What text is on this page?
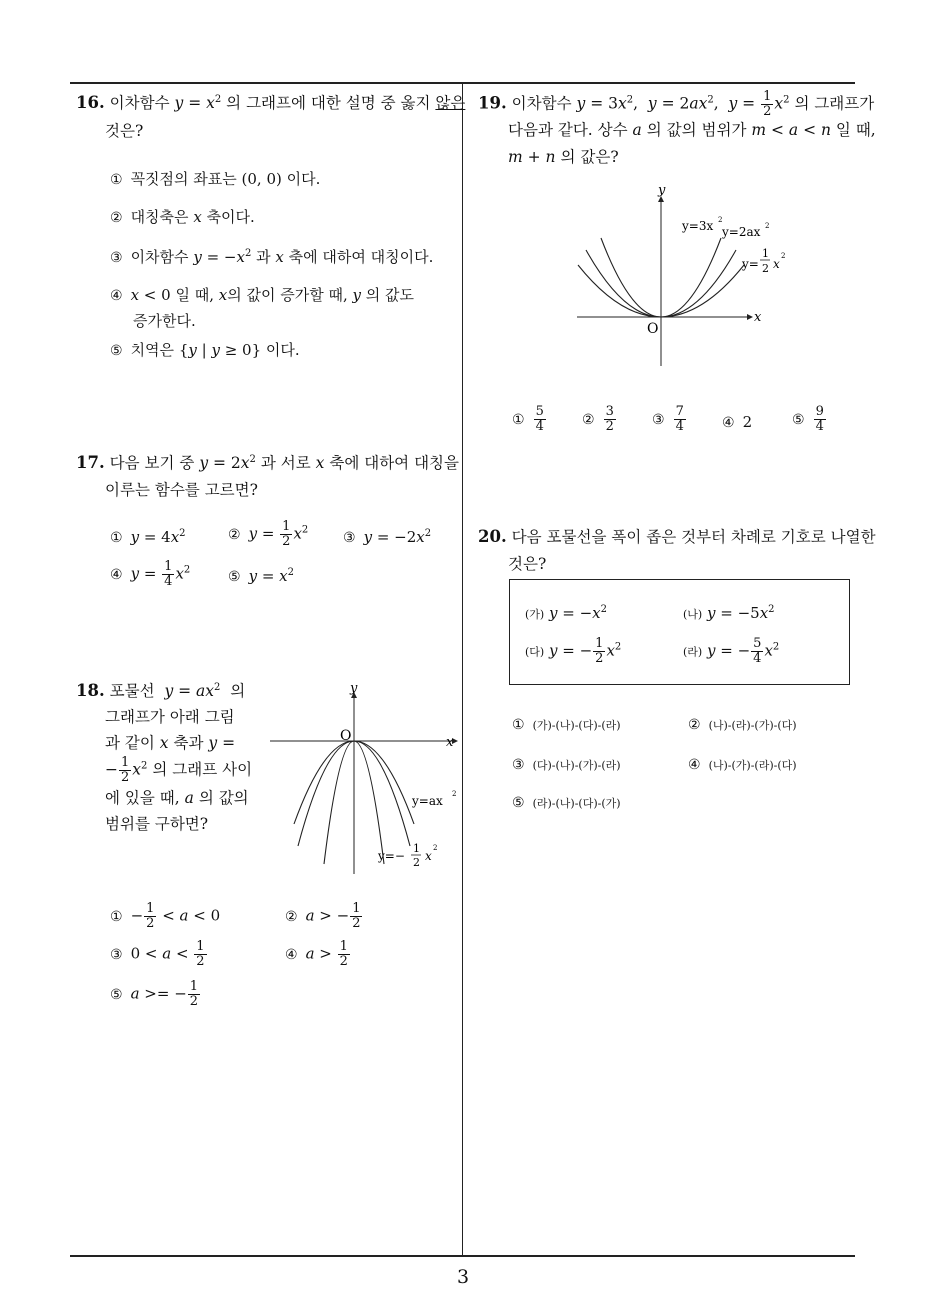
16. 이차함수 $y = x^2$ 의 그래프에 대한 설명 중 옳지 않은
것은?
① 꼭짓점의 좌표는 (0, 0) 이다.
② 대칭축은 x 축이다.
③ 이차함수 $y = -x^2$ 과 x 축에 대하여 대칭이다.
④ x < 0 일 때, x의 값이 증가할 때, y 의 값도
증가한다.
⑤ 치역은 {y | y ≥ 0} 이다.
17. 다음 보기 중 $y = 2x^2$ 과 서로 x 축에 대하여 대칭을
이루는 함수를 고르면?
① $y = 4x^2$	② $y = \frac{1}{2} x^2$ ③ $y = -2x^2$
④ $y = \frac{1}{4} x^2$	⑤ $y = x^2$
18. 포물선 $y = ax^2$ 의
그래프가 아래 그림
과 같이 x 축과 y =
− $\frac{1}{2} x^2$ 의 그래프 사이
에 있을 때, a 의 값의
범위를 구하면?
y
x
O
y=ax 2
y=−
1
2 x
2
① − $\frac{1}{2} < a < 0$	② a > − $\frac{1}{2}$
③ $0 < a < \frac{1}{2}$	④ $a > \frac{1}{2}$
⑤ a >= − $\frac{1}{2}$
19. 이차함수 $y = 3x^2$,  $y = 2ax^2$,  $y = \frac{1}{2} x^2$ 의 그래프가
다음과 같다. 상수 a 의 값의 범위가 m < a < n 일 때,
m + n 의 값은?
y
x
O
y=3x 2
y=2ax 2
y=
1
2 x
2
① $\frac{5}{4}$	② $\frac{3}{2}$	③ $\frac{7}{4}$	④ 2	⑤ $\frac{9}{4}$
20. 다음 포물선을 폭이 좁은 것부터 차례로 기호로 나열한
것은?
(가) $y = -x^2$	(나) $y = -5x^2$
(다) y = − $\frac{1}{2} x^2$	(라) y = − $\frac{5}{4} x^2$
① (가)-(나)-(다)-(라)	② (나)-(라)-(가)-(다)
③ (다)-(나)-(가)-(라)	④ (나)-(가)-(라)-(다)
⑤ (라)-(나)-(다)-(가)
3
